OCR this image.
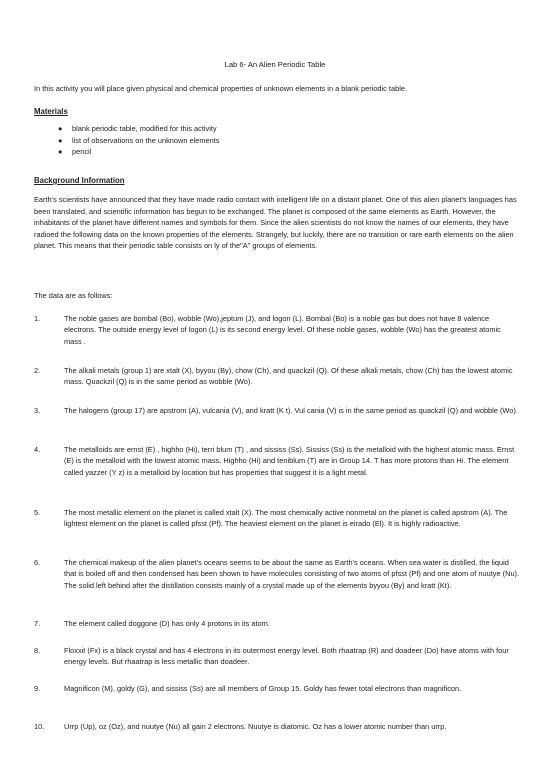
Lab 6- An Alien Periodic Table
In this activity you will place given physical and chemical properties of unknown elements in a blank periodic table.
Materials
● blank periodic table, modified for this activity
● list of observations on the unknown elements
● pencil
Background Information
Earth's scientists have announced that they have made radio contact with intelligent life on a distant planet. One of this alien planet's languages has been translated, and scientific information has begun to be exchanged. The planet is composed of the same elements as Earth. However, the inhabitants of the planet have different names and symbols for them. Since the alien scientists do not know the names of our elements, they have radioed the following data on the known properties of the elements. Strangely, but luckily, there are no transition or rare earth elements on the alien planet. This means that their periodic table consists on ly of the"A" groups of elements.
The data are as follows:
1.	The noble gases are bombal (Bo), wobble (Wo),jeptum (J), and logon (L). Bombal (Bo) is a noble gas but does not have 8 valence electrons. The outside energy level of logon (L) is its second energy level. Of these noble gases, wobble (Wo) has the greatest atomic mass .
2.	The alkali metals (group 1) are xtalt (X), byyou (By), chow (Ch), and quackzil (Q). Of these alkali metals, chow (Ch) has the lowest atomic mass. Quackzil (Q) is in the same period as wobble (Wo).
3.	The halogens (group 17) are apstrom (A), vulcania (V), and kratt (K t). Vul cania (V) is in the same period as quackzil (Q) and wobble (Wo).
4.	The metalloids are ernst (E) , highho (Hi), terri blum (T) , and sississ (Ss). Sississ (Ss) is the metalloid with the highest atomic mass. Ernst (E) is the metalloid with the lowest atomic mass. Highho (Hi) and teniblum (T) are in Group 14. T has more protons than Hi. The element called yazzer (Y z) is a metalloid by location but has properties that suggest it is a light metal.
5.	The most metallic element on the planet is called xtalt (X). The most chemically active nonmetal on the planet is called apstrom (A). The lightest element on the planet is called pfsst (Pf). The heaviest element on the planet is eirado (El). It is highly radioactive.
6.	The chemical makeup of the alien planet's oceans seems to be about the same as Earth's oceans. When sea water is distilled, the liquid that is boiled off and then condensed has been shown to have molecules consisting of two atoms of pfsst (Pf) and one atom of nuutye (Nu). The solid left behind after the distillation consists mainly of a crystal made up of the elements byyou (By) and kratt (Kt).
7.	The element called doggone (D) has only 4 protons in its atom.
8.	Floxxit (Fx) is a black crystal and has 4 electrons in its outermost energy level. Both rhaatrap (R) and doadeer (Do) have atoms with four energy levels. But rhaatrap is less metallic than doadeer.
9.	Magnificon (M), goldy (G), and sississ (Ss) are all members of Group 15. Goldy has fewer total electrons than magnificon.
10.	Urrp (Up), oz (Oz), and nuutye (Nu) all gain 2 electrons. Nuutye is diatomic. Oz has a lower atomic number than urrp.
